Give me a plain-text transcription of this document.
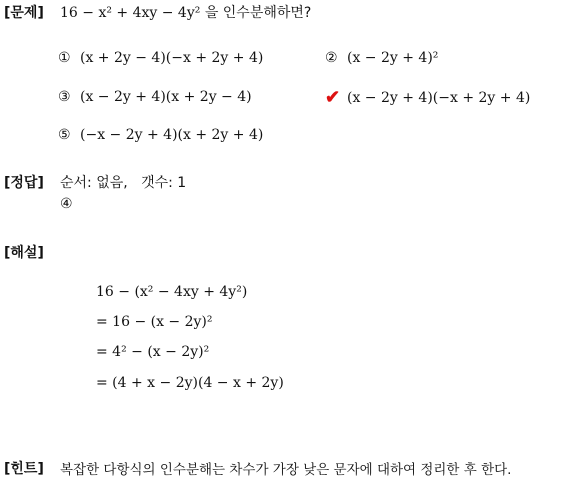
[문제] 16 − x² + 4xy − 4y² 을 인수분해하면?
① (x + 2y − 4)(−x + 2y + 4)	② (x − 2y + 4)²
③ (x − 2y + 4)(x + 2y − 4)	✔ (x − 2y + 4)(−x + 2y + 4)
⑤ (−x − 2y + 4)(x + 2y + 4)
[정답] 순서: 없음,   갯수: 1
④
[해설]
16 − (x² − 4xy + 4y²)
= 16 − (x − 2y)²
= 4² − (x − 2y)²
= (4 + x − 2y)(4 − x + 2y)
[힌트] 복잡한 다항식의 인수분해는 차수가 가장 낮은 문자에 대하여 정리한 후 한다.
